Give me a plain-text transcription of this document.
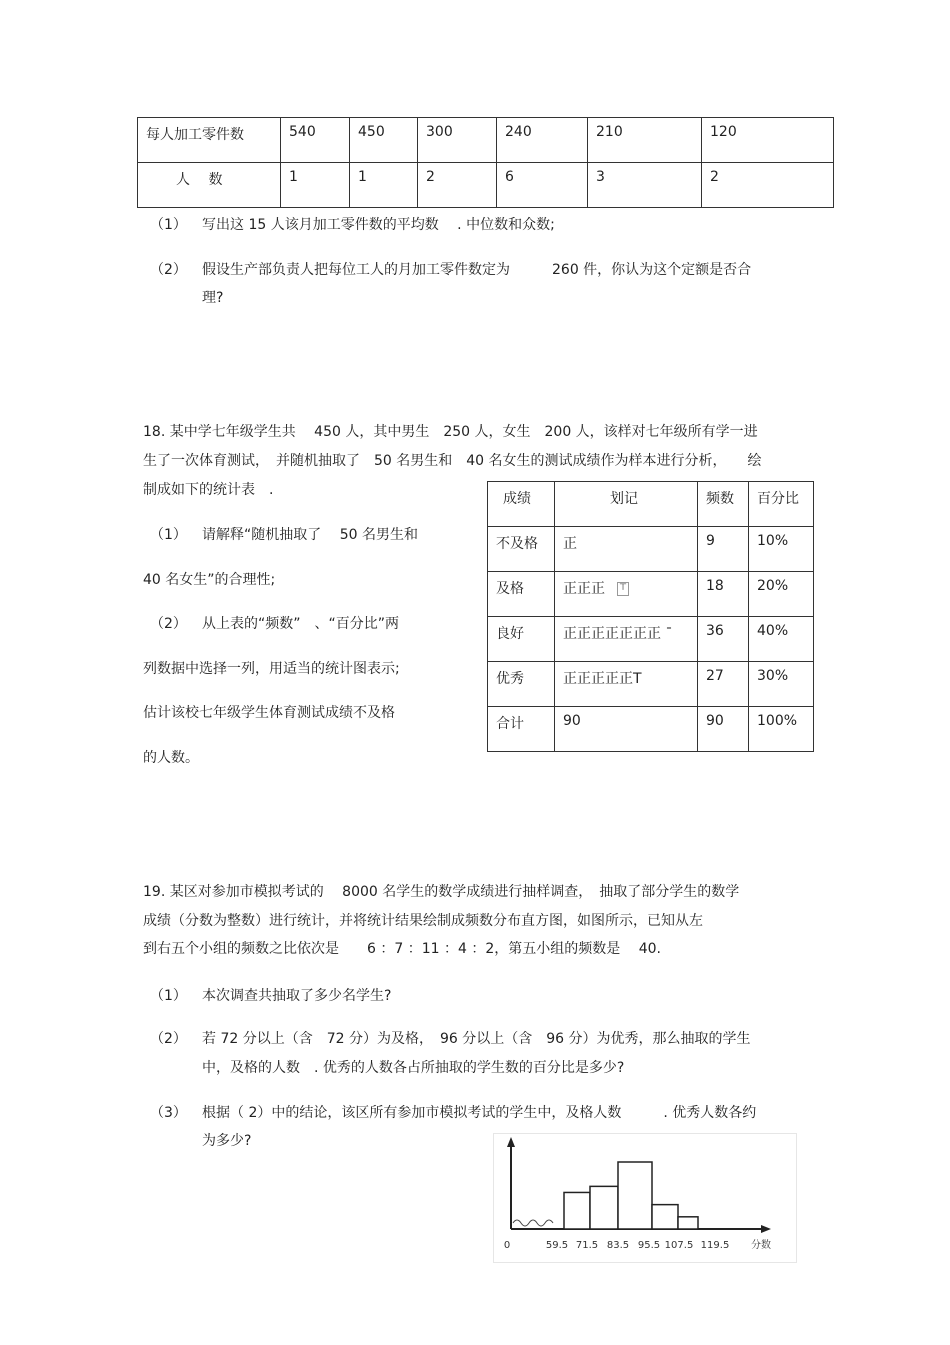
每人加工零件数	540	450	300	240	210	120

人　 数	1	1	2	6	3	2
（1） 写出这 15 人该月加工零件数的平均数 　. 中位数和众数;
（2） 假设生产部负责人把每位工人的月加工零件数定为　　　260 件，你认为这个定额是否合
理?
18. 某中学七年级学生共　 450 人，其中男生　250 人，女生　200 人，该样对七年级所有学一进
生了一次体育测试，　并随机抽取了　50 名男生和　40 名女生的测试成绩作为样本进行分析，　　绘
制成如下的统计表　.
（1） 请解释“随机抽取了　 50 名男生和
40 名女生”的合理性;
（2） 从上表的“频数”　、“百分比”两
列数据中选择一列，用适当的统计图表示;
估计该校七年级学生体育测试成绩不及格
的人数。
成绩	划记	频数	百分比

不及格	正	9	10%

及格	正正正 ⊤	18	20%

良好	正正正正正正正 ¯	36	40%

优秀	正正正正正T	27	30%

合计	90	90	100%
19. 某区对参加市模拟考试的　 8000 名学生的数学成绩进行抽样调查，　抽取了部分学生的数学
成绩（分数为整数）进行统计，并将统计结果绘制成频数分布直方图，如图所示，已知从左
到右五个小组的频数之比依次是　　6 ：7 ：11 ：4 ：2，第五小组的频数是　 40.
（1） 本次调查共抽取了多少名学生?
（2） 若 72 分以上（含　72 分）为及格，　96 分以上（含　96 分）为优秀，那么抽取的学生
中，及格的人数　. 优秀的人数各占所抽取的学生数的百分比是多少?
（3） 根据（ 2）中的结论，该区所有参加市模拟考试的学生中，及格人数　　　. 优秀人数各约
为多少?
0	59.5 71.5 83.5 95.5 107.5 119.5 分数
